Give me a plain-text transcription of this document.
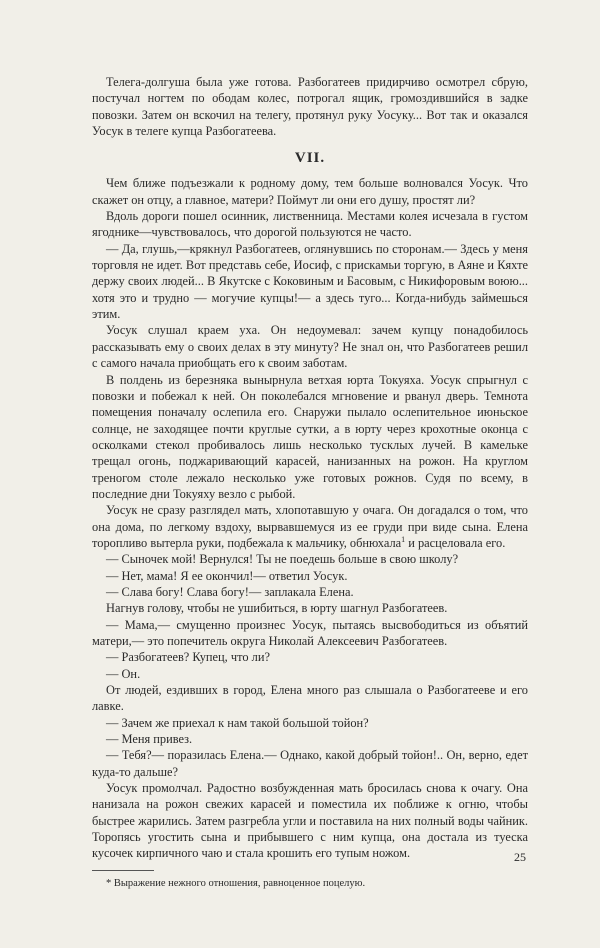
Телега-долгуша была уже готова. Разбогатеев придирчиво осмотрел сбрую, постучал ногтем по ободам колес, потрогал ящик, громоздившийся в задке повозки. Затем он вскочил на телегу, протянул руку Уосуку... Вот так и оказался Уосук в телеге купца Разбогатеева.

VII.

Чем ближе подъезжали к родному дому, тем больше волновался Уосук. Что скажет он отцу, а главное, матери? Поймут ли они его душу, простят ли?

Вдоль дороги пошел осинник, лиственница. Местами колея исчезала в густом ягоднике—чувствовалось, что дорогой пользуются не часто.

— Да, глушь,—крякнул Разбогатеев, оглянувшись по сторонам.— Здесь у меня торговля не идет. Вот представь себе, Иосиф, с прискамьи торгую, в Аяне и Кяхте держу своих людей... В Якутске с Коковиным и Басовым, с Никифоровым воюю... хотя это и трудно — могучие купцы!— а здесь туго... Когда-нибудь займешься этим.

Уосук слушал краем уха. Он недоумевал: зачем купцу понадобилось рассказывать ему о своих делах в эту минуту? Не знал он, что Разбогатеев решил с самого начала приобщать его к своим заботам.

В полдень из березняка вынырнула ветхая юрта Токуяха. Уосук спрыгнул с повозки и побежал к ней. Он поколебался мгновение и рванул дверь. Темнота помещения поначалу ослепила его. Снаружи пылало ослепительное июньское солнце, не заходящее почти круглые сутки, а в юрту через крохотные оконца с осколками стекол пробивалось лишь несколько тусклых лучей. В камельке трещал огонь, поджаривающий карасей, нанизанных на рожон. На круглом треногом столе лежало несколько уже готовых рожнов. Судя по всему, в последние дни Токуяху везло с рыбой.

Уосук не сразу разглядел мать, хлопотавшую у очага. Он догадался о том, что она дома, по легкому вздоху, вырвавшемуся из ее груди при виде сына. Елена торопливо вытерла руки, подбежала к мальчику, обнюхала$^1$ и расцеловала его.

— Сыночек мой! Вернулся! Ты не поедешь больше в свою школу?

— Нет, мама! Я ее окончил!— ответил Уосук.

— Слава богу! Слава богу!— заплакала Елена.

Нагнув голову, чтобы не ушибиться, в юрту шагнул Разбогатеев.

— Мама,— смущенно произнес Уосук, пытаясь высвободиться из объятий матери,— это попечитель округа Николай Алексеевич Разбогатеев.

— Разбогатеев? Купец, что ли?

— Он.

От людей, ездивших в город, Елена много раз слышала о Разбогатееве и его лавке.

— Зачем же приехал к нам такой большой тойон?

— Меня привез.

— Тебя?— поразилась Елена.— Однако, какой добрый тойон!.. Он, верно, едет куда-то дальше?

Уосук промолчал. Радостно возбужденная мать бросилась снова к очагу. Она нанизала на рожон свежих карасей и поместила их поближе к огню, чтобы быстрее жарились. Затем разгребла угли и поставила на них полный воды чайник. Торопясь угостить сына и прибывшего с ним купца, она достала из туеска кусочек кирпичного чаю и стала крошить его тупым ножом.

* Выражение нежного отношения, равноценное поцелую.

25
